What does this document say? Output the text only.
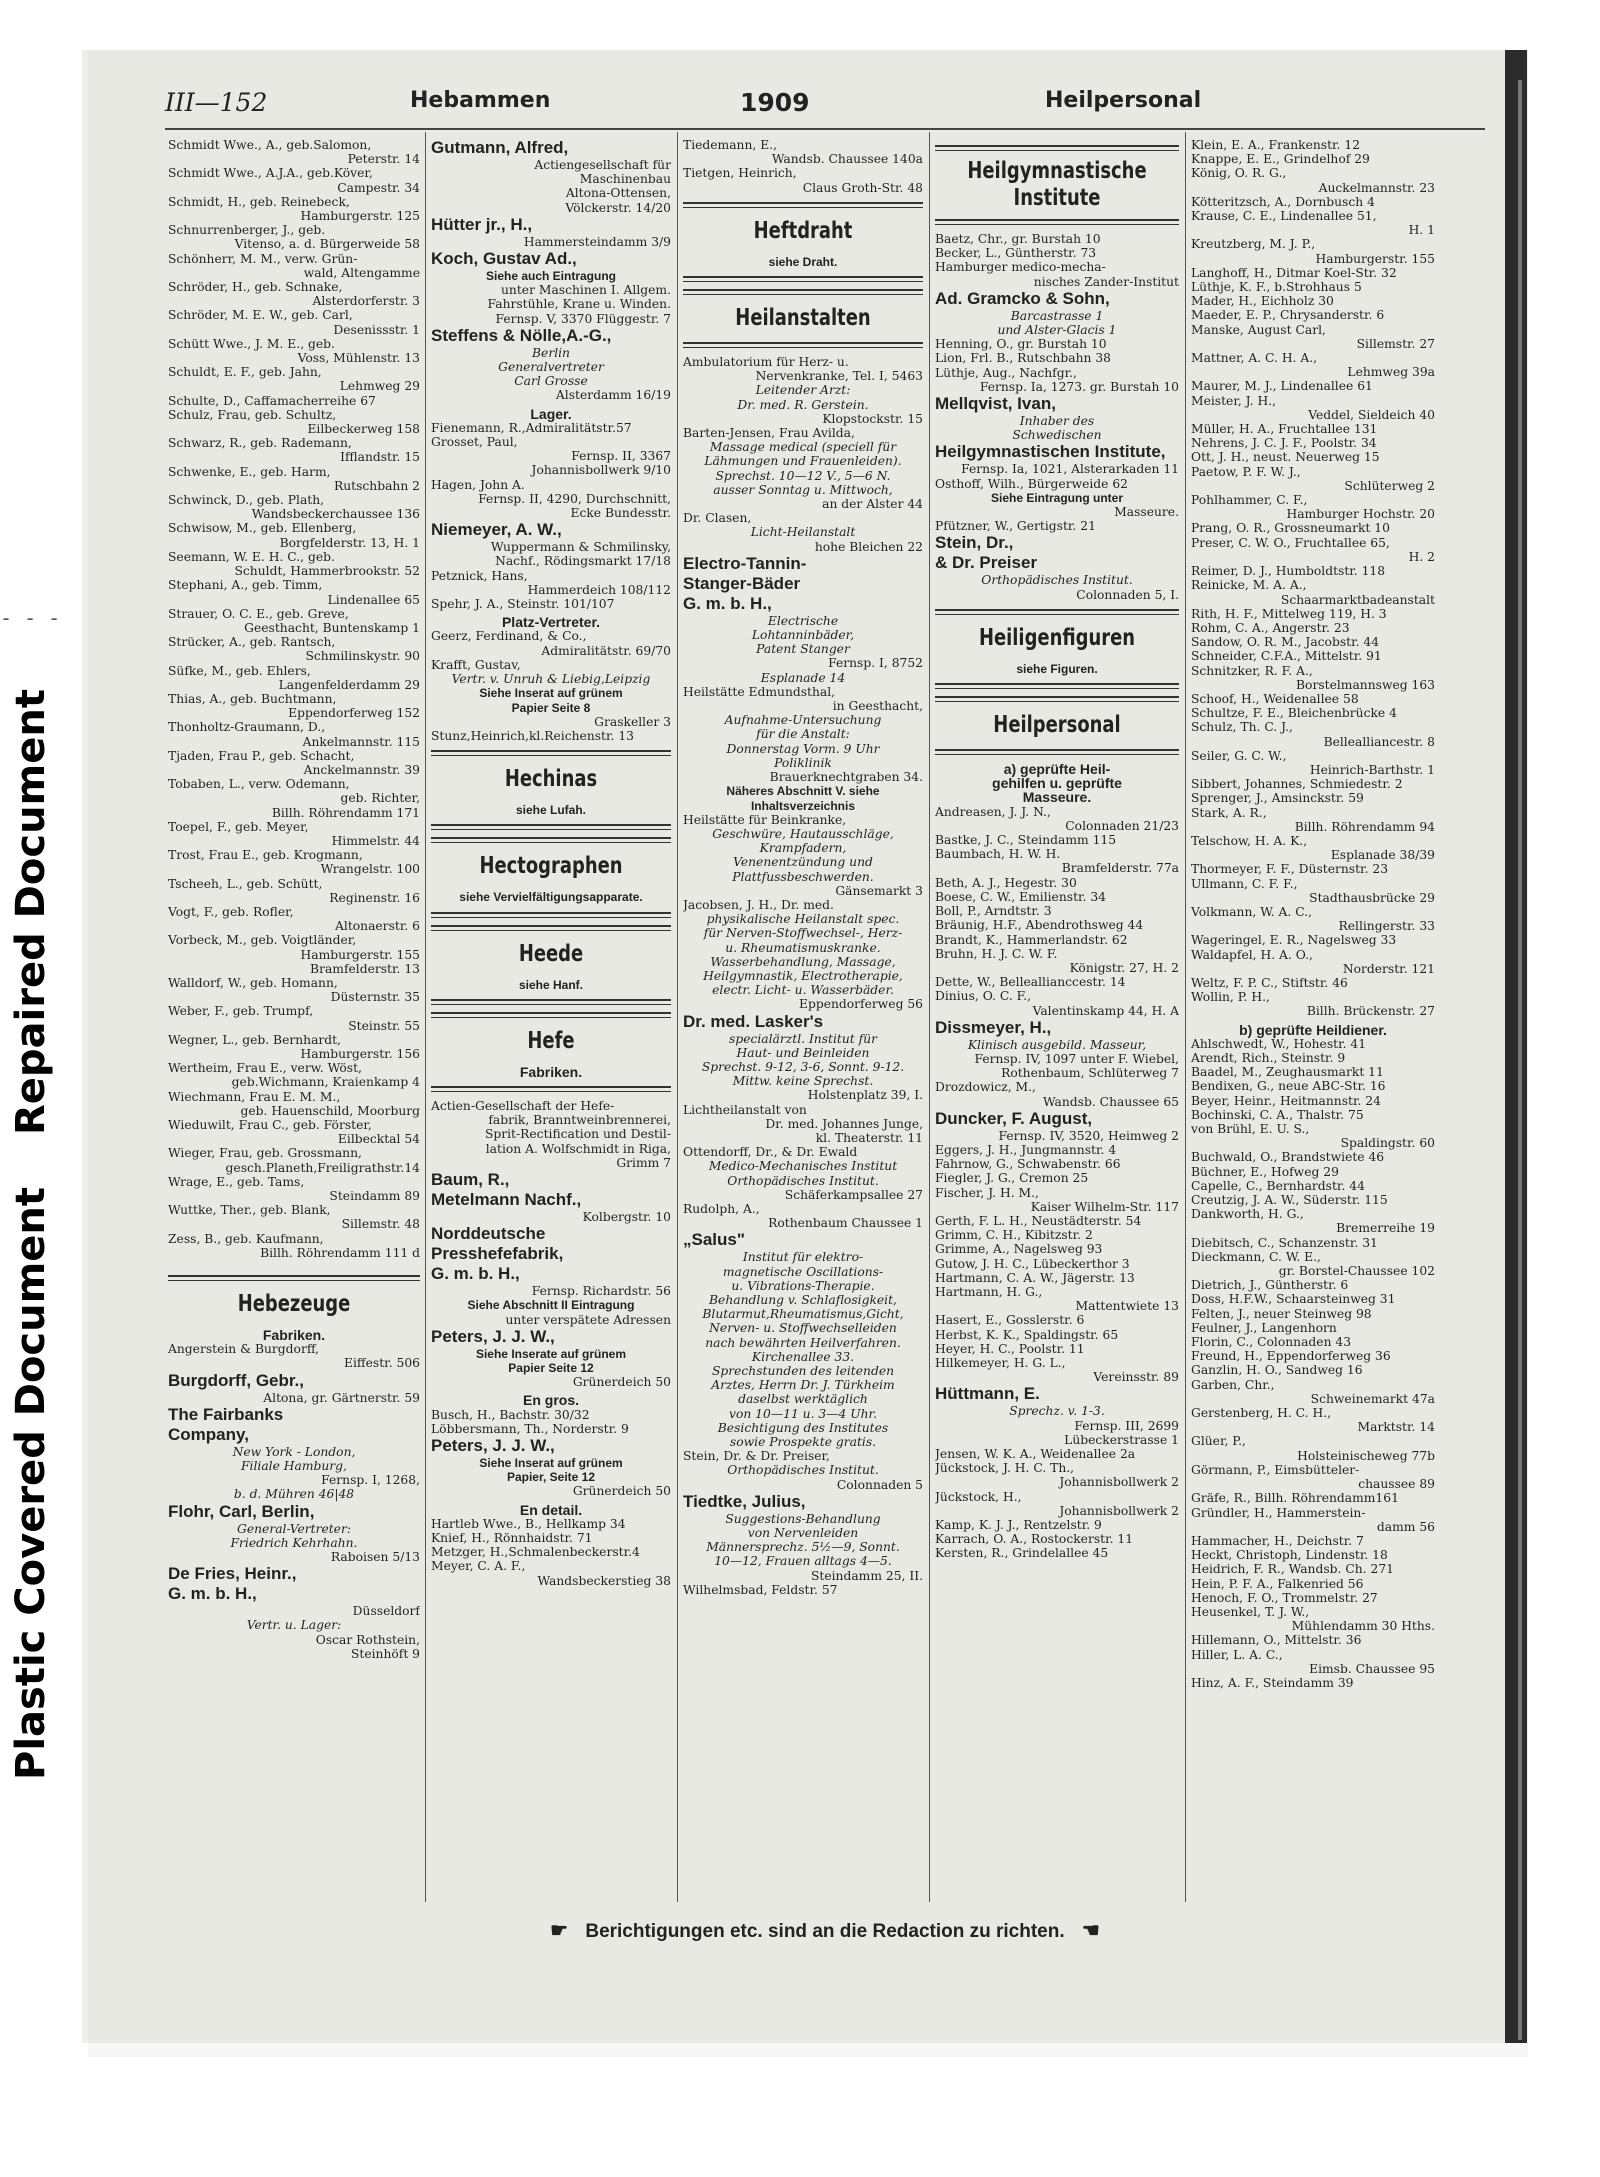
Repaired Document
Plastic Covered Document
- - -
III—152	Hebammen	1909	Heilpersonal
Schmidt Wwe., A., geb.Salomon,
Peterstr. 14
Schmidt Wwe., A.J.A., geb.Köver,
Campestr. 34
Schmidt, H., geb. Reinebeck,
Hamburgerstr. 125
Schnurrenberger, J., geb.
Vitenso, a. d. Bürgerweide 58
Schönherr, M. M., verw. Grün-
wald, Altengamme
Schröder, H., geb. Schnake,
Alsterdorferstr. 3
Schröder, M. E. W., geb. Carl,
Desenissstr. 1
Schütt Wwe., J. M. E., geb.
Voss, Mühlenstr. 13
Schuldt, E. F., geb. Jahn,
Lehmweg 29
Schulte, D., Caffamacherreihe 67
Schulz, Frau, geb. Schultz,
Eilbeckerweg 158
Schwarz, R., geb. Rademann,
Ifflandstr. 15
Schwenke, E., geb. Harm,
Rutschbahn 2
Schwinck, D., geb. Plath,
Wandsbeckerchaussee 136
Schwisow, M., geb. Ellenberg,
Borgfelderstr. 13, H. 1
Seemann, W. E. H. C., geb.
Schuldt, Hammerbrookstr. 52
Stephani, A., geb. Timm,
Lindenallee 65
Strauer, O. C. E., geb. Greve,
Geesthacht, Buntenskamp 1
Strücker, A., geb. Rantsch,
Schmilinskystr. 90
Süfke, M., geb. Ehlers,
Langenfelderdamm 29
Thias, A., geb. Buchtmann,
Eppendorferweg 152
Thonholtz-Graumann, D.,
Ankelmannstr. 115
Tjaden, Frau P., geb. Schacht,
Anckelmannstr. 39
Tobaben, L., verw. Odemann,
geb. Richter,
Billh. Röhrendamm 171
Toepel, F., geb. Meyer,
Himmelstr. 44
Trost, Frau E., geb. Krogmann,
Wrangelstr. 100
Tscheeh, L., geb. Schütt,
Reginenstr. 16
Vogt, F., geb. Rofler,
Altonaerstr. 6
Vorbeck, M., geb. Voigtländer,
Hamburgerstr. 155
Bramfelderstr. 13
Walldorf, W., geb. Homann,
Düsternstr. 35
Weber, F., geb. Trumpf,
Steinstr. 55
Wegner, L., geb. Bernhardt,
Hamburgerstr. 156
Wertheim, Frau E., verw. Wöst,
geb.Wichmann, Kraienkamp 4
Wiechmann, Frau E. M. M.,
geb. Hauenschild, Moorburg
Wieduwilt, Frau C., geb. Förster,
Eilbecktal 54
Wieger, Frau, geb. Grossmann,
gesch.Planeth,Freiligrathstr.14
Wrage, E., geb. Tams,
Steindamm 89
Wuttke, Ther., geb. Blank,
Sillemstr. 48
Zess, B., geb. Kaufmann,
Billh. Röhrendamm 111 d
Hebezeuge
Fabriken.
Angerstein & Burgdorff,
Eiffestr. 506
Burgdorff, Gebr.,
Altona, gr. Gärtnerstr. 59
The Fairbanks
Company,
New York - London,
Filiale Hamburg,
Fernsp. I, 1268,
b. d. Mühren 46|48
Flohr, Carl, Berlin,
General-Vertreter:
Friedrich Kehrhahn.
Raboisen 5/13
De Fries, Heinr.,
G. m. b. H.,
Düsseldorf
Vertr. u. Lager:
Oscar Rothstein,
Steinhöft 9
Gutmann, Alfred,
Actiengesellschaft für
Maschinenbau
Altona-Ottensen,
Völckerstr. 14/20
Hütter jr., H.,
Hammersteindamm 3/9
Koch, Gustav Ad.,
Siehe auch Eintragung
unter Maschinen I. Allgem.
Fahrstühle, Krane u. Winden.
Fernsp. V, 3370 Flüggestr. 7
Steffens & Nölle,A.-G.,
Berlin
Generalvertreter
Carl Grosse
Alsterdamm 16/19
Lager.
Fienemann, R.,Admiralitätstr.57
Grosset, Paul,
Fernsp. II, 3367
Johannisbollwerk 9/10
Hagen, John A.
Fernsp. II, 4290, Durchschnitt,
Ecke Bundesstr.
Niemeyer, A. W.,
Wuppermann & Schmilinsky,
Nachf., Rödingsmarkt 17/18
Petznick, Hans,
Hammerdeich 108/112
Spehr, J. A., Steinstr. 101/107
Platz-Vertreter.
Geerz, Ferdinand, & Co.,
Admiralitätstr. 69/70
Krafft, Gustav,
Vertr. v. Unruh & Liebig,Leipzig
Siehe Inserat auf grünem
Papier Seite 8
Graskeller 3
Stunz,Heinrich,kl.Reichenstr. 13
Hechinas
siehe Lufah.
Hectographen
siehe Vervielfältigungsapparate.
Heede
siehe Hanf.
Hefe
Fabriken.
Actien-Gesellschaft der Hefe-
fabrik, Branntweinbrennerei,
Sprit-Rectification und Destil-
lation A. Wolfschmidt in Riga,
Grimm 7
Baum, R.,
Metelmann Nachf.,
Kolbergstr. 10
Norddeutsche
Presshefefabrik,
G. m. b. H.,
Fernsp. Richardstr. 56
Siehe Abschnitt II Eintragung
unter verspätete Adressen
Peters, J. J. W.,
Siehe Inserate auf grünem
Papier Seite 12
Grünerdeich 50
En gros.
Busch, H., Bachstr. 30/32
Löbbersmann, Th., Norderstr. 9
Peters, J. J. W.,
Siehe Inserat auf grünem
Papier, Seite 12
Grünerdeich 50
En detail.
Hartleb Wwe., B., Hellkamp 34
Knief, H., Rönnhaidstr. 71
Metzger, H.,Schmalenbeckerstr.4
Meyer, C. A. F.,
Wandsbeckerstieg 38
Tiedemann, E.,
Wandsb. Chaussee 140a
Tietgen, Heinrich,
Claus Groth-Str. 48
Heftdraht
siehe Draht.
Heilanstalten
Ambulatorium für Herz- u.
Nervenkranke, Tel. I, 5463
Leitender Arzt:
Dr. med. R. Gerstein.
Klopstockstr. 15
Barten-Jensen, Frau Avilda,
Massage medical (speciell für
Lähmungen und Frauenleiden).
Sprechst. 10—12 V., 5—6 N.
ausser Sonntag u. Mittwoch,
an der Alster 44
Dr. Clasen,
Licht-Heilanstalt
hohe Bleichen 22
Electro-Tannin-
Stanger-Bäder
G. m. b. H.,
Electrische
Lohtanninbäder,
Patent Stanger
Fernsp. I, 8752
Esplanade 14
Heilstätte Edmundsthal,
in Geesthacht,
Aufnahme-Untersuchung
für die Anstalt:
Donnerstag Vorm. 9 Uhr
Poliklinik
Brauerknechtgraben 34.
Näheres Abschnitt V. siehe
Inhaltsverzeichnis
Heilstätte für Beinkranke,
Geschwüre, Hautausschläge,
Krampfadern,
Venenentzündung und
Plattfussbeschwerden.
Gänsemarkt 3
Jacobsen, J. H., Dr. med.
physikalische Heilanstalt spec.
für Nerven-Stoffwechsel-, Herz-
u. Rheumatismuskranke.
Wasserbehandlung, Massage,
Heilgymnastik, Electrotherapie,
electr. Licht- u. Wasserbäder.
Eppendorferweg 56
Dr. med. Lasker's
specialärztl. Institut für
Haut- und Beinleiden
Sprechst. 9-12, 3-6, Sonnt. 9-12.
Mittw. keine Sprechst.
Holstenplatz 39, I.
Lichtheilanstalt von
Dr. med. Johannes Junge,
kl. Theaterstr. 11
Ottendorff, Dr., & Dr. Ewald
Medico-Mechanisches Institut
Orthopädisches Institut.
Schäferkampsallee 27
Rudolph, A.,
Rothenbaum Chaussee 1
„Salus"
Institut für elektro-
magnetische Oscillations-
u. Vibrations-Therapie.
Behandlung v. Schlaflosigkeit,
Blutarmut,Rheumatismus,Gicht,
Nerven- u. Stoffwechselleiden
nach bewährten Heilverfahren.
Kirchenallee 33.
Sprechstunden des leitenden
Arztes, Herrn Dr. J. Türkheim
daselbst werktäglich
von 10—11 u. 3—4 Uhr.
Besichtigung des Institutes
sowie Prospekte gratis.
Stein, Dr. & Dr. Preiser,
Orthopädisches Institut.
Colonnaden 5
Tiedtke, Julius,
Suggestions-Behandlung
von Nervenleiden
Männersprechz. 5½—9, Sonnt.
10—12, Frauen alltags 4—5.
Steindamm 25, II.
Wilhelmsbad, Feldstr. 57
Heilgymnastische
Institute
Baetz, Chr., gr. Burstah 10
Becker, L., Güntherstr. 73
Hamburger medico-mecha-
nisches Zander-Institut
Ad. Gramcko & Sohn,
Barcastrasse 1
und Alster-Glacis 1
Henning, O., gr. Burstah 10
Lion, Frl. B., Rutschbahn 38
Lüthje, Aug., Nachfgr.,
Fernsp. Ia, 1273. gr. Burstah 10
Mellqvist, Ivan,
Inhaber des
Schwedischen
Heilgymnastischen Institute,
Fernsp. Ia, 1021, Alsterarkaden 11
Osthoff, Wilh., Bürgerweide 62
Siehe Eintragung unter
Masseure.
Pfützner, W., Gertigstr. 21
Stein, Dr.,
& Dr. Preiser
Orthopädisches Institut.
Colonnaden 5, I.
Heiligenfiguren
siehe Figuren.
Heilpersonal
a) geprüfte Heil-
gehilfen u. geprüfte
Masseure.
Andreasen, J. J. N.,
Colonnaden 21/23
Bastke, J. C., Steindamm 115
Baumbach, H. W. H.
Bramfelderstr. 77a
Beth, A. J., Hegestr. 30
Boese, C. W., Emilienstr. 34
Boll, P., Arndtstr. 3
Bräunig, H.F., Abendrothsweg 44
Brandt, K., Hammerlandstr. 62
Bruhn, H. J. C. W. F.
Königstr. 27, H. 2
Dette, W., Belleallianccestr. 14
Dinius, O. C. F.,
Valentinskamp 44, H. A
Dissmeyer, H.,
Klinisch ausgebild. Masseur,
Fernsp. IV, 1097 unter F. Wiebel,
Rothenbaum, Schlüterweg 7
Drozdowicz, M.,
Wandsb. Chaussee 65
Duncker, F. August,
Fernsp. IV, 3520, Heimweg 2
Eggers, J. H., Jungmannstr. 4
Fahrnow, G., Schwabenstr. 66
Fiegler, J. G., Cremon 25
Fischer, J. H. M.,
Kaiser Wilhelm-Str. 117
Gerth, F. L. H., Neustädterstr. 54
Grimm, C. H., Kibitzstr. 2
Grimme, A., Nagelsweg 93
Gutow, J. H. C., Lübeckerthor 3
Hartmann, C. A. W., Jägerstr. 13
Hartmann, H. G.,
Mattentwiete 13
Hasert, E., Gosslerstr. 6
Herbst, K. K., Spaldingstr. 65
Heyer, H. C., Poolstr. 11
Hilkemeyer, H. G. L.,
Vereinsstr. 89
Hüttmann, E.
Sprechz. v. 1-3.
Fernsp. III, 2699
Lübeckerstrasse 1
Jensen, W. K. A., Weidenallee 2a
Jückstock, J. H. C. Th.,
Johannisbollwerk 2
Jückstock, H.,
Johannisbollwerk 2
Kamp, K. J. J., Rentzelstr. 9
Karrach, O. A., Rostockerstr. 11
Kersten, R., Grindelallee 45
Klein, E. A., Frankenstr. 12
Knappe, E. E., Grindelhof 29
König, O. R. G.,
Auckelmannstr. 23
Kötteritzsch, A., Dornbusch 4
Krause, C. E., Lindenallee 51,
H. 1
Kreutzberg, M. J. P.,
Hamburgerstr. 155
Langhoff, H., Ditmar Koel-Str. 32
Lüthje, K. F., b.Strohhaus 5
Mader, H., Eichholz 30
Maeder, E. P., Chrysanderstr. 6
Manske, August Carl,
Sillemstr. 27
Mattner, A. C. H. A.,
Lehmweg 39a
Maurer, M. J., Lindenallee 61
Meister, J. H.,
Veddel, Sieldeich 40
Müller, H. A., Fruchtallee 131
Nehrens, J. C. J. F., Poolstr. 34
Ott, J. H., neust. Neuerweg 15
Paetow, P. F. W. J.,
Schlüterweg 2
Pohlhammer, C. F.,
Hamburger Hochstr. 20
Prang, O. R., Grossneumarkt 10
Preser, C. W. O., Fruchtallee 65,
H. 2
Reimer, D. J., Humboldtstr. 118
Reinicke, M. A. A.,
Schaarmarktbadeanstalt
Rith, H. F., Mittelweg 119, H. 3
Rohm, C. A., Angerstr. 23
Sandow, O. R. M., Jacobstr. 44
Schneider, C.F.A., Mittelstr. 91
Schnitzker, R. F. A.,
Borstelmannsweg 163
Schoof, H., Weidenallee 58
Schultze, F. E., Bleichenbrücke 4
Schulz, Th. C. J.,
Bellealliancestr. 8
Seiler, G. C. W.,
Heinrich-Barthstr. 1
Sibbert, Johannes, Schmiedestr. 2
Sprenger, J., Amsinckstr. 59
Stark, A. R.,
Billh. Röhrendamm 94
Telschow, H. A. K.,
Esplanade 38/39
Thormeyer, F. F., Düsternstr. 23
Ullmann, C. F. F.,
Stadthausbrücke 29
Volkmann, W. A. C.,
Rellingerstr. 33
Wageringel, E. R., Nagelsweg 33
Waldapfel, H. A. O.,
Norderstr. 121
Weltz, F. P. C., Stiftstr. 46
Wollin, P. H.,
Billh. Brückenstr. 27
b) geprüfte Heildiener.
Ahlschwedt, W., Hohestr. 41
Arendt, Rich., Steinstr. 9
Baadel, M., Zeughausmarkt 11
Bendixen, G., neue ABC-Str. 16
Beyer, Heinr., Heitmannstr. 24
Bochinski, C. A., Thalstr. 75
von Brühl, E. U. S.,
Spaldingstr. 60
Buchwald, O., Brandstwiete 46
Büchner, E., Hofweg 29
Capelle, C., Bernhardstr. 44
Creutzig, J. A. W., Süderstr. 115
Dankworth, H. G.,
Bremerreihe 19
Diebitsch, C., Schanzenstr. 31
Dieckmann, C. W. E.,
gr. Borstel-Chaussee 102
Dietrich, J., Güntherstr. 6
Doss, H.F.W., Schaarsteinweg 31
Felten, J., neuer Steinweg 98
Feulner, J., Langenhorn
Florin, C., Colonnaden 43
Freund, H., Eppendorferweg 36
Ganzlin, H. O., Sandweg 16
Garben, Chr.,
Schweinemarkt 47a
Gerstenberg, H. C. H.,
Marktstr. 14
Glüer, P.,
Holsteinischeweg 77b
Görmann, P., Eimsbütteler-
chaussee 89
Gräfe, R., Billh. Röhrendamm161
Gründler, H., Hammerstein-
damm 56
Hammacher, H., Deichstr. 7
Heckt, Christoph, Lindenstr. 18
Heidrich, F. R., Wandsb. Ch. 271
Hein, P. F. A., Falkenried 56
Henoch, F. O., Trommelstr. 27
Heusenkel, T. J. W.,
Mühlendamm 30 Hths.
Hillemann, O., Mittelstr. 36
Hiller, L. A. C.,
Eimsb. Chaussee 95
Hinz, A. F., Steindamm 39
☛ Berichtigungen etc. sind an die Redaction zu richten. ☚
